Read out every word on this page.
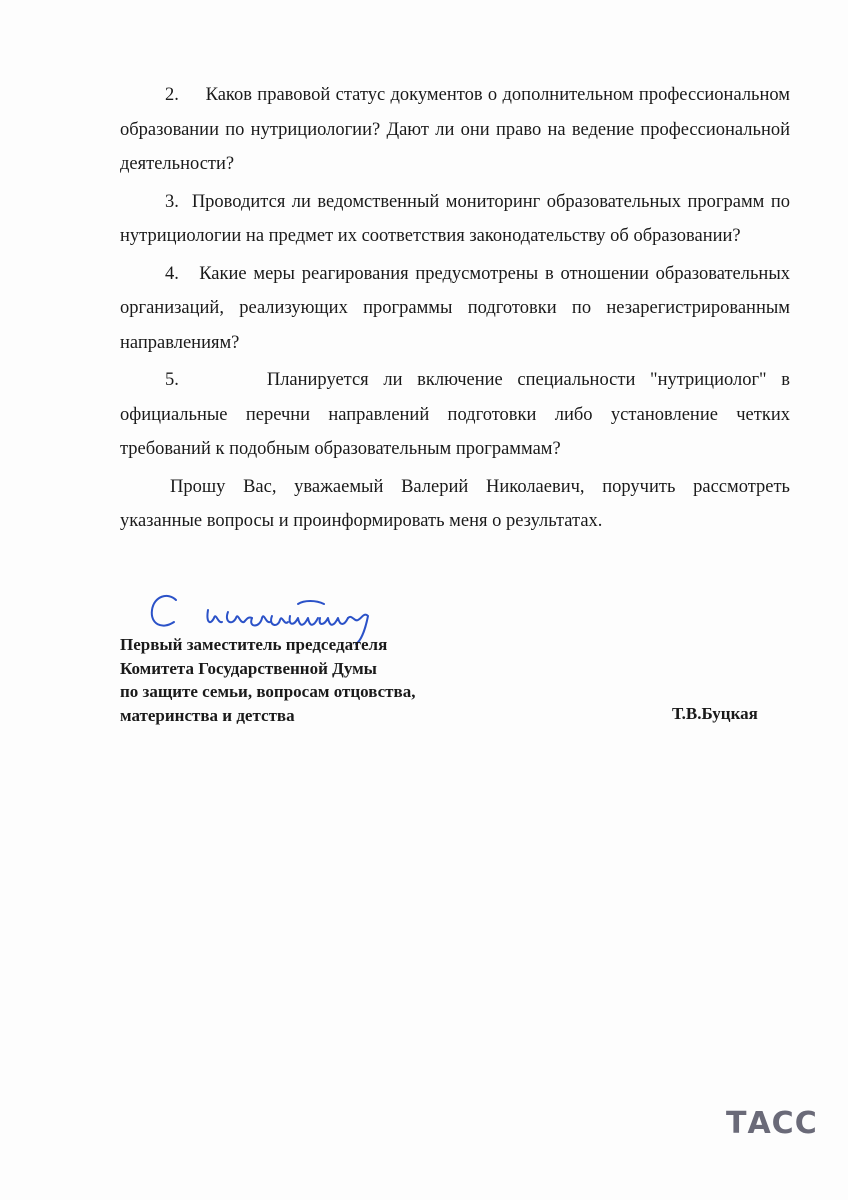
2. Каков правовой статус документов о дополнительном профессиональном образовании по нутрициологии? Дают ли они право на ведение профессиональной деятельности?

3. Проводится ли ведомственный мониторинг образовательных программ по нутрициологии на предмет их соответствия законодательству об образовании?

4. Какие меры реагирования предусмотрены в отношении образовательных организаций, реализующих программы подготовки по незарегистрированным направлениям?

5.	Планируется ли включение специальности "нутрициолог" в официальные перечни направлений подготовки либо установление четких требований к подобным образовательным программам?

Прошу Вас, уважаемый Валерий Николаевич, поручить рассмотреть указанные вопросы и проинформировать меня о результатах.

Первый заместитель председателя
Комитета Государственной Думы
по защите семьи, вопросам отцовства,
материнства и детства	Т.В.Буцкая
ТАСС
